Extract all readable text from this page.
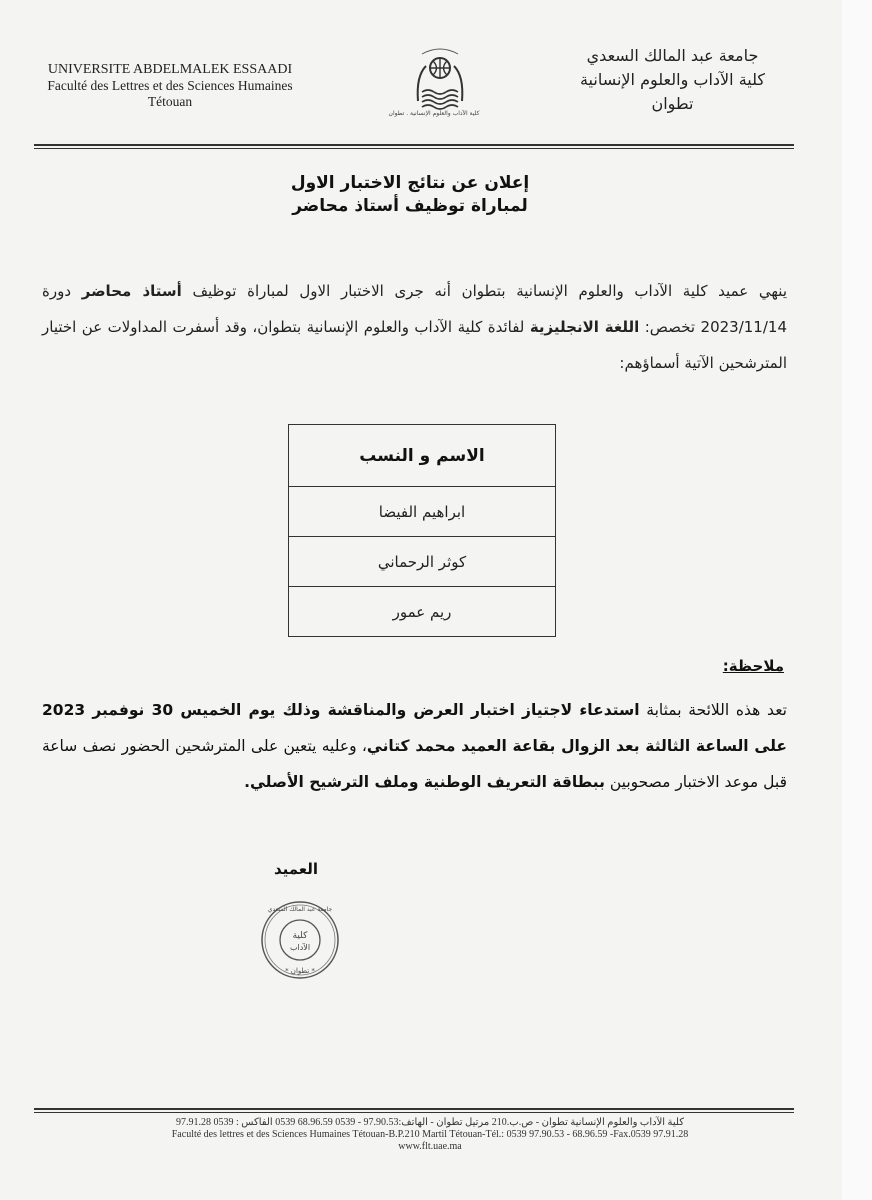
UNIVERSITE ABDELMALEK ESSAADI
Faculté des Lettres et des Sciences Humaines
Tétouan
كلية الآداب والعلوم الإنسانية . تطوان
جامعة عبد المالك السعدي
كلية الآداب والعلوم الإنسانية
تطوان
إعلان عن نتائج الاختبار الاول
لمباراة توظيف أستاذ محاضر
ينهي عميد كلية الآداب والعلوم الإنسانية بتطوان أنه جرى الاختبار الاول لمباراة توظيف أستاذ محاضر دورة 2023/11/14 تخصص: اللغة الانجليزية لفائدة كلية الآداب والعلوم الإنسانية بتطوان، وقد أسفرت المداولات عن اختيار المترشحين الآتية أسماؤهم:
الاسم و النسب
ابراهيم الفيضا
كوثر الرحماني
ريم عمور
ملاحظة:
تعد هذه اللائحة بمثابة استدعاء لاجتياز اختبار العرض والمناقشة وذلك يوم الخميس 30 نوفمبر 2023 على الساعة الثالثة بعد الزوال بقاعة العميد محمد كتاني، وعليه يتعين على المترشحين الحضور نصف ساعة قبل موعد الاختبار مصحوبين ببطاقة التعريف الوطنية وملف الترشيح الأصلي.
العميد
كلية
الآداب
* تطوان *
جامعة عبد المالك السعدي
كلية الآداب والعلوم الإنسانية تطوان - ص.ب.210 مرتيل تطوان - الهاتف:97.90.53 - 0539 68.96.59 0539 الفاكس : 0539 97.91.28
Faculté des lettres et des Sciences Humaines Tétouan-B.P.210 Martil Tétouan-Tél.: 0539 97.90.53 - 68.96.59 -Fax.0539 97.91.28
www.flt.uae.ma
